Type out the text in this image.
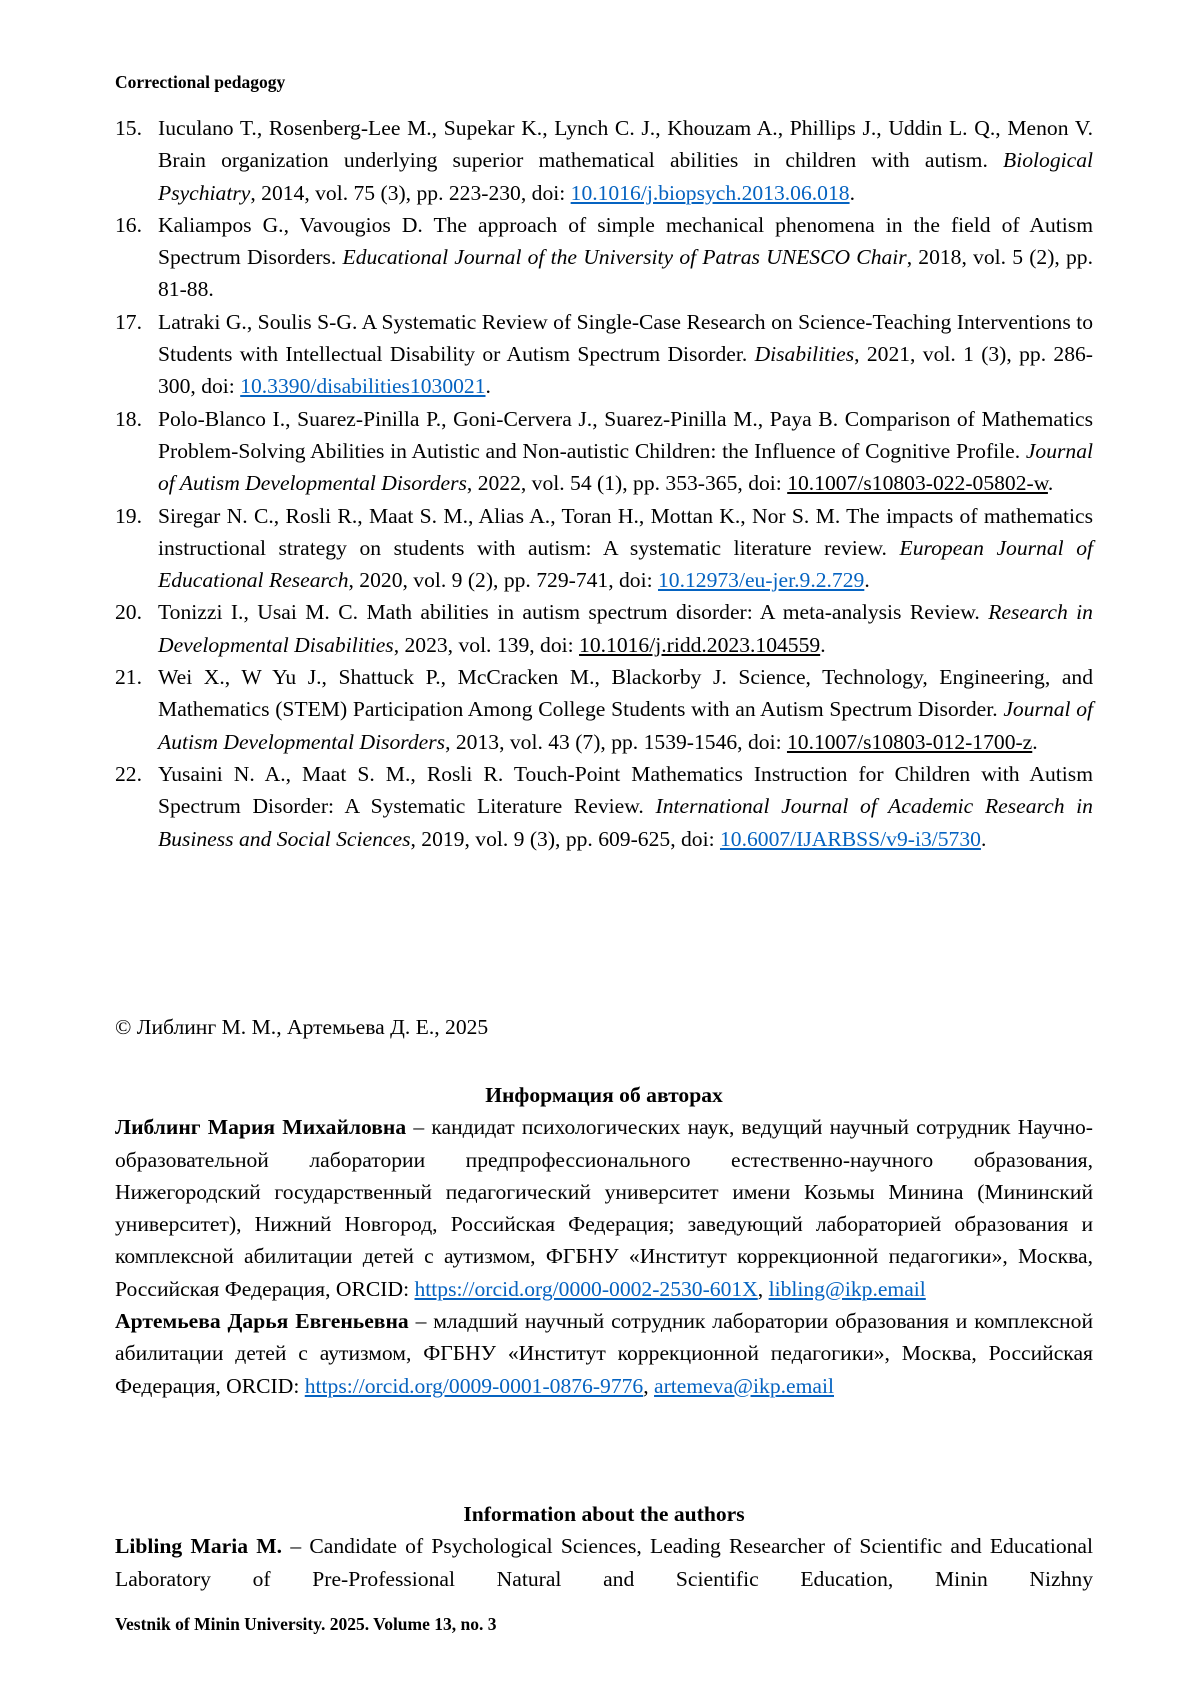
Correctional pedagogy
15. Iuculano T., Rosenberg-Lee M., Supekar K., Lynch C. J., Khouzam A., Phillips J., Uddin L. Q., Menon V. Brain organization underlying superior mathematical abilities in children with autism. Biological Psychiatry, 2014, vol. 75 (3), pp. 223-230, doi: 10.1016/j.biopsych.2013.06.018.
16. Kaliampos G., Vavougios D. The approach of simple mechanical phenomena in the field of Autism Spectrum Disorders. Educational Journal of the University of Patras UNESCO Chair, 2018, vol. 5 (2), pp. 81-88.
17. Latraki G., Soulis S-G. A Systematic Review of Single-Case Research on Science-Teaching Interventions to Students with Intellectual Disability or Autism Spectrum Disorder. Disabilities, 2021, vol. 1 (3), pp. 286-300, doi: 10.3390/disabilities1030021.
18. Polo-Blanco I., Suarez-Pinilla P., Goni-Cervera J., Suarez-Pinilla M., Paya B. Comparison of Mathematics Problem-Solving Abilities in Autistic and Non-autistic Children: the Influence of Cognitive Profile. Journal of Autism Developmental Disorders, 2022, vol. 54 (1), pp. 353-365, doi: 10.1007/s10803-022-05802-w.
19. Siregar N. C., Rosli R., Maat S. M., Alias A., Toran H., Mottan K., Nor S. M. The impacts of mathematics instructional strategy on students with autism: A systematic literature review. European Journal of Educational Research, 2020, vol. 9 (2), pp. 729-741, doi: 10.12973/eu-jer.9.2.729.
20. Tonizzi I., Usai M. C. Math abilities in autism spectrum disorder: A meta-analysis Review. Research in Developmental Disabilities, 2023, vol. 139, doi: 10.1016/j.ridd.2023.104559.
21. Wei X., W Yu J., Shattuck P., McCracken M., Blackorby J. Science, Technology, Engineering, and Mathematics (STEM) Participation Among College Students with an Autism Spectrum Disorder. Journal of Autism Developmental Disorders, 2013, vol. 43 (7), pp. 1539-1546, doi: 10.1007/s10803-012-1700-z.
22. Yusaini N. A., Maat S. M., Rosli R. Touch-Point Mathematics Instruction for Children with Autism Spectrum Disorder: A Systematic Literature Review. International Journal of Academic Research in Business and Social Sciences, 2019, vol. 9 (3), pp. 609-625, doi: 10.6007/IJARBSS/v9-i3/5730.
© Либлинг М. М., Артемьева Д. Е., 2025
Информация об авторах

Либлинг Мария Михайловна – кандидат психологических наук, ведущий научный сотрудник Научно-образовательной лаборатории предпрофессионального естественно-научного образования, Нижегородский государственный педагогический университет имени Козьмы Минина (Мининский университет), Нижний Новгород, Российская Федерация; заведующий лабораторией образования и комплексной абилитации детей с аутизмом, ФГБНУ «Институт коррекционной педагогики», Москва, Российская Федерация, ORCID: https://orcid.org/0000-0002-2530-601X, libling@ikp.email

Артемьева Дарья Евгеньевна – младший научный сотрудник лаборатории образования и комплексной абилитации детей с аутизмом, ФГБНУ «Институт коррекционной педагогики», Москва, Российская Федерация, ORCID: https://orcid.org/0009-0001-0876-9776, artemeva@ikp.email

Information about the authors

Libling Maria M. – Candidate of Psychological Sciences, Leading Researcher of Scientific and Educational Laboratory of Pre-Professional Natural and Scientific Education, Minin Nizhny

Vestnik of Minin University. 2025. Volume 13, no. 3
